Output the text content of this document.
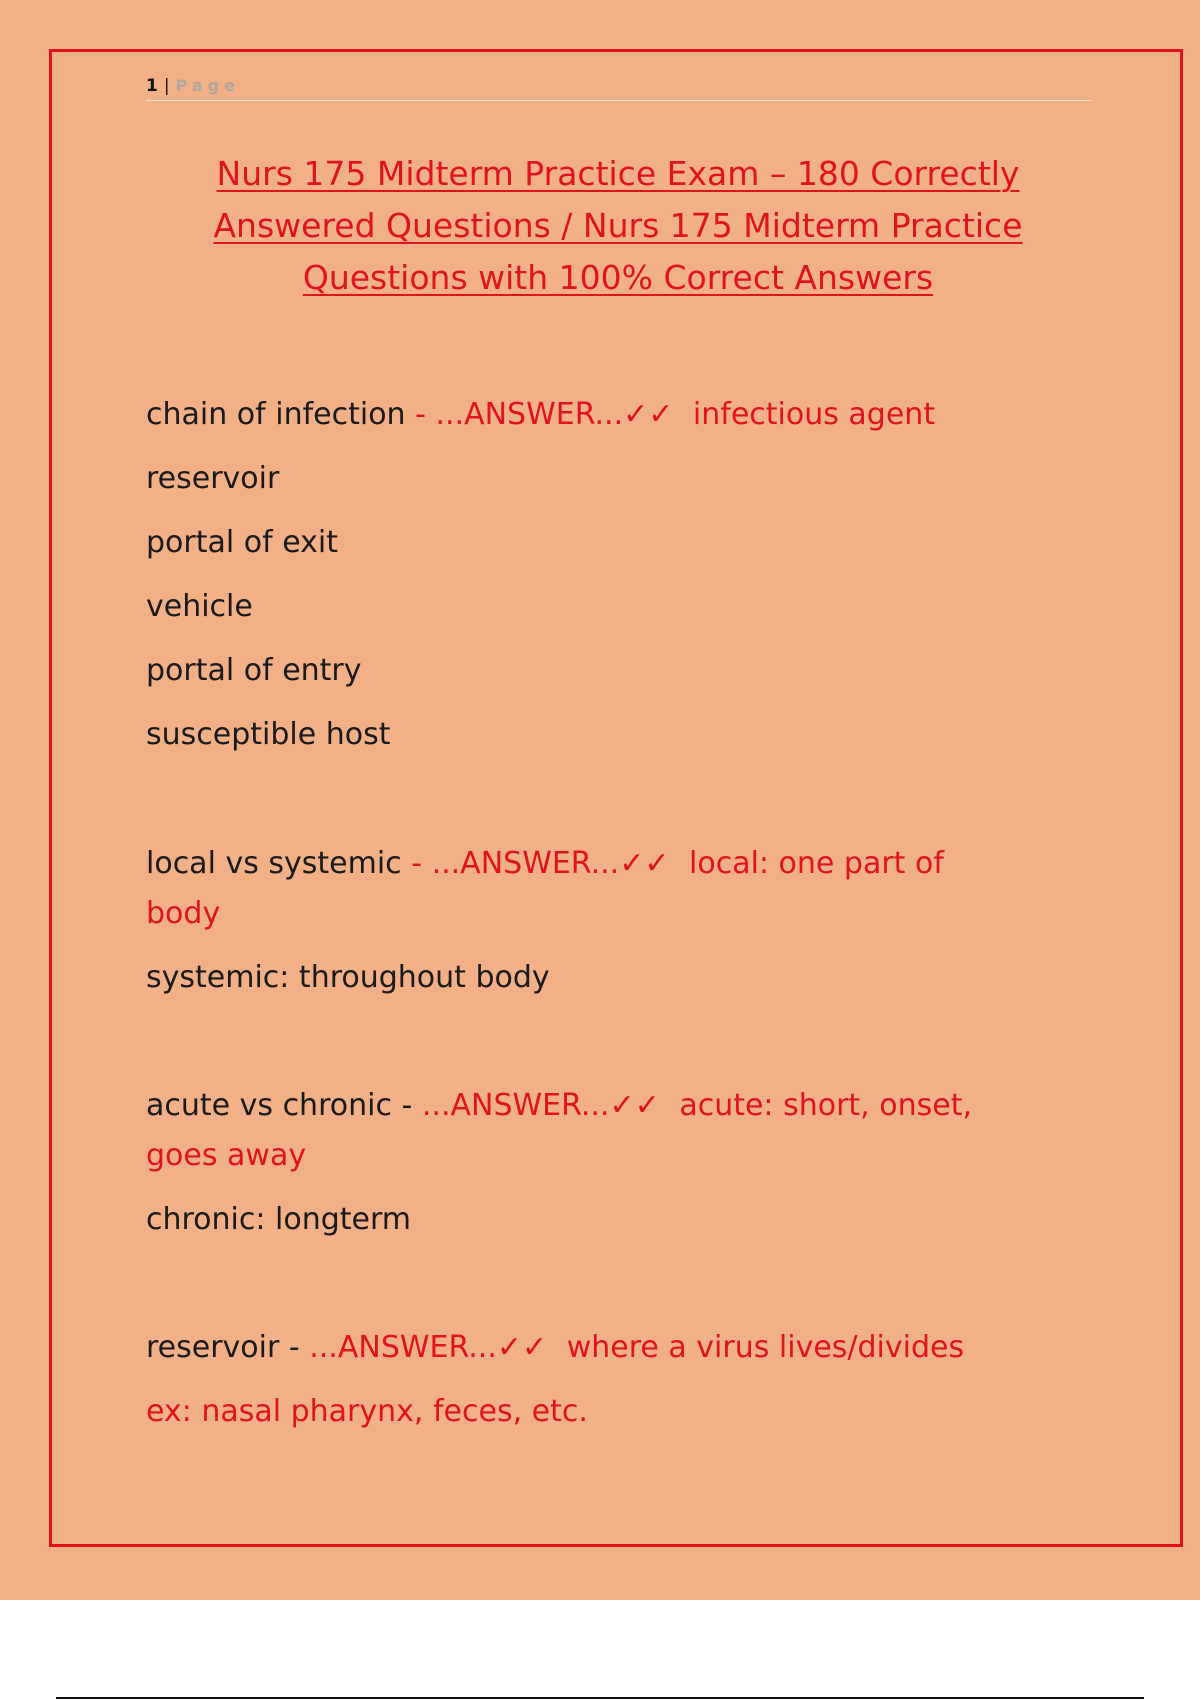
1 | Page
Nurs 175 Midterm Practice Exam – 180 Correctly Answered Questions / Nurs 175 Midterm Practice Questions with 100% Correct Answers
chain of infection - ...ANSWER...✓✓ infectious agent
reservoir
portal of exit
vehicle
portal of entry
susceptible host
local vs systemic - ...ANSWER...✓✓ local: one part of
body
systemic: throughout body
acute vs chronic - ...ANSWER...✓✓ acute: short, onset,
goes away
chronic: longterm
reservoir - ...ANSWER...✓✓ where a virus lives/divides
ex: nasal pharynx, feces, etc.
